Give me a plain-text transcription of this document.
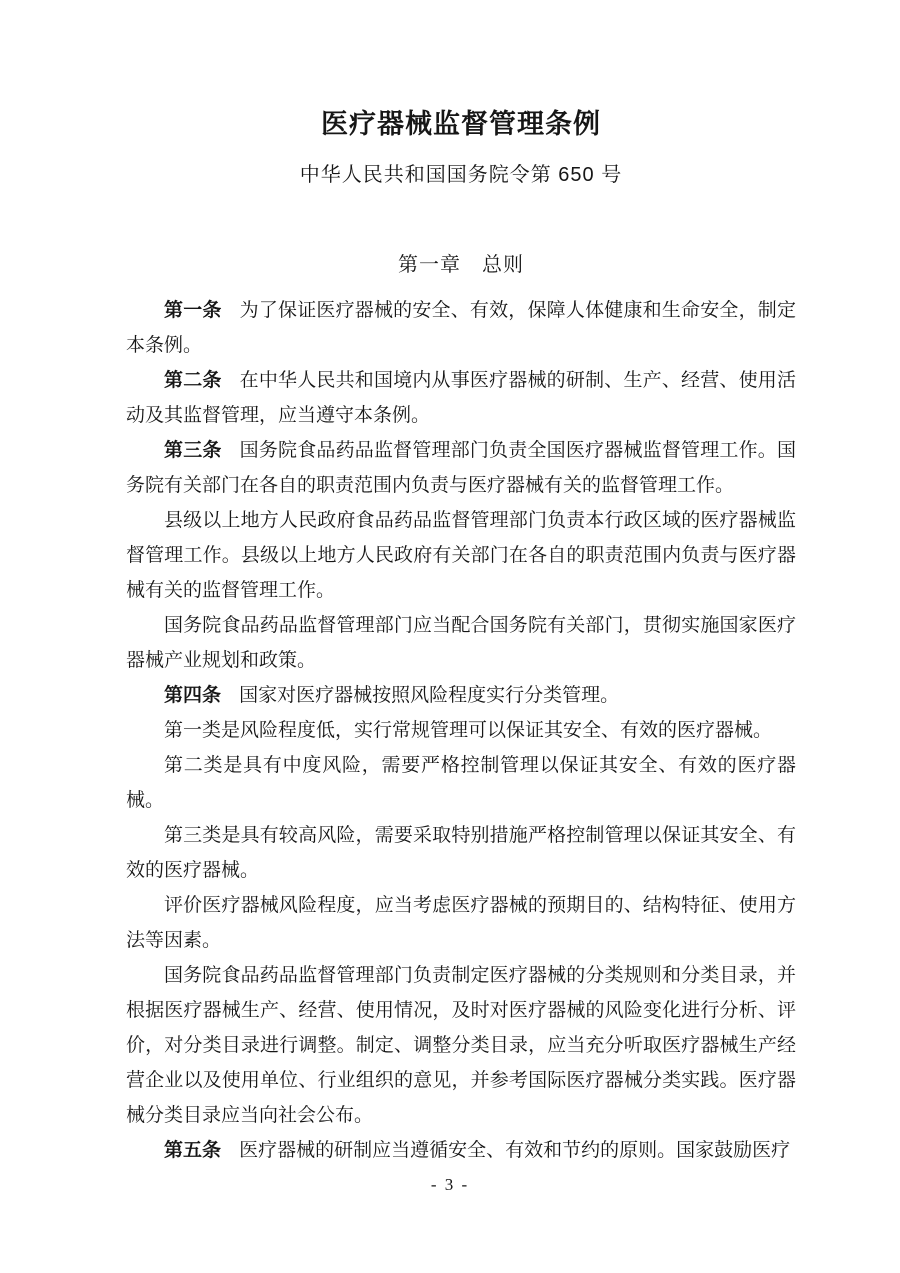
医疗器械监督管理条例
中华人民共和国国务院令第 650 号
第一章　总则

第一条 为了保证医疗器械的安全、有效，保障人体健康和生命安全，制定本条例。

第二条 在中华人民共和国境内从事医疗器械的研制、生产、经营、使用活动及其监督管理，应当遵守本条例。

第三条 国务院食品药品监督管理部门负责全国医疗器械监督管理工作。国务院有关部门在各自的职责范围内负责与医疗器械有关的监督管理工作。

县级以上地方人民政府食品药品监督管理部门负责本行政区域的医疗器械监督管理工作。县级以上地方人民政府有关部门在各自的职责范围内负责与医疗器械有关的监督管理工作。

国务院食品药品监督管理部门应当配合国务院有关部门，贯彻实施国家医疗器械产业规划和政策。

第四条 国家对医疗器械按照风险程度实行分类管理。

第一类是风险程度低，实行常规管理可以保证其安全、有效的医疗器械。

第二类是具有中度风险，需要严格控制管理以保证其安全、有效的医疗器械。

第三类是具有较高风险，需要采取特别措施严格控制管理以保证其安全、有效的医疗器械。

评价医疗器械风险程度，应当考虑医疗器械的预期目的、结构特征、使用方法等因素。

国务院食品药品监督管理部门负责制定医疗器械的分类规则和分类目录，并根据医疗器械生产、经营、使用情况，及时对医疗器械的风险变化进行分析、评价，对分类目录进行调整。制定、调整分类目录，应当充分听取医疗器械生产经营企业以及使用单位、行业组织的意见，并参考国际医疗器械分类实践。医疗器械分类目录应当向社会公布。

第五条 医疗器械的研制应当遵循安全、有效和节约的原则。国家鼓励医疗

- 3 -
